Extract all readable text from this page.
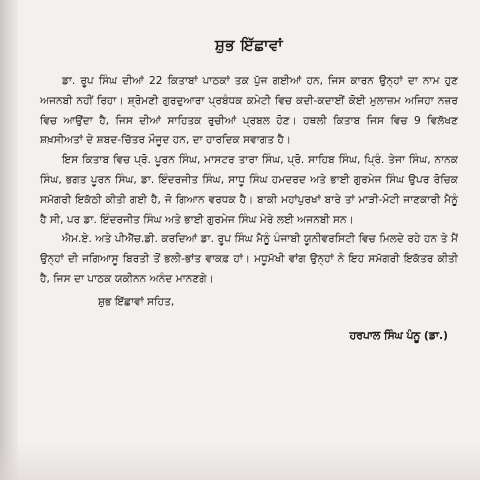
ਸ਼ੁਭ ਇੱਛਾਵਾਂ

ਡਾ. ਰੂਪ ਸਿੰਘ ਦੀਆਂ 22 ਕਿਤਾਬਾਂ ਪਾਠਕਾਂ ਤਕ ਪੁੱਜ ਗਈਆਂ ਹਨ, ਜਿਸ ਕਾਰਨ ਉਨ੍ਹਾਂ ਦਾ ਨਾਮ ਹੁਣ ਅਜਨਬੀ ਨਹੀਂ ਰਿਹਾ। ਸ਼੍ਰੋਮਣੀ ਗੁਰਦੁਆਰਾ ਪ੍ਰਬੰਧਕ ਕਮੇਟੀ ਵਿਚ ਕਦੀ-ਕਦਾਈਂ ਕੋਈ ਮੁਲਾਜ਼ਮ ਅਜਿਹਾ ਨਜ਼ਰ ਵਿਚ ਆਉਂਦਾ ਹੈ, ਜਿਸ ਦੀਆਂ ਸਾਹਿਤਕ ਰੁਚੀਆਂ ਪ੍ਰਬਲ ਹੋਣ। ਹਥਲੀ ਕਿਤਾਬ ਜਿਸ ਵਿਚ 9 ਵਿਲੱਖਣ ਸ਼ਖ਼ਸੀਅਤਾਂ ਦੇ ਸ਼ਬਦ-ਚਿੱਤਰ ਮੌਜੂਦ ਹਨ, ਦਾ ਹਾਰਦਿਕ ਸਵਾਗਤ ਹੈ।

ਇਸ ਕਿਤਾਬ ਵਿਚ ਪ੍ਰੋ. ਪੂਰਨ ਸਿੰਘ, ਮਾਸਟਰ ਤਾਰਾ ਸਿੰਘ, ਪ੍ਰੋ. ਸਾਹਿਬ ਸਿੰਘ, ਪ੍ਰਿੰ. ਤੇਜਾ ਸਿੰਘ, ਨਾਨਕ ਸਿੰਘ, ਭਗਤ ਪੂਰਨ ਸਿੰਘ, ਡਾ. ਇੰਦਰਜੀਤ ਸਿੰਘ, ਸਾਧੂ ਸਿੰਘ ਹਮਦਰਦ ਅਤੇ ਭਾਈ ਗੁਰਮੇਜ ਸਿੰਘ ਉਪਰ ਰੋਚਿਕ ਸਮੱਗਰੀ ਇਕੱਠੀ ਕੀਤੀ ਗਈ ਹੈ, ਜੋ ਗਿਆਨ ਵਰਧਕ ਹੈ। ਬਾਕੀ ਮਹਾਂਪੁਰਖਾਂ ਬਾਰੇ ਤਾਂ ਮਾੜੀ-ਮੋਟੀ ਜਾਣਕਾਰੀ ਮੈਨੂੰ ਹੈ ਸੀ, ਪਰ ਡਾ. ਇੰਦਰਜੀਤ ਸਿੰਘ ਅਤੇ ਭਾਈ ਗੁਰਮੇਜ ਸਿੰਘ ਮੇਰੇ ਲਈ ਅਜਨਬੀ ਸਨ।

ਐਮ.ਏ. ਅਤੇ ਪੀਐੱਚ.ਡੀ. ਕਰਦਿਆਂ ਡਾ. ਰੂਪ ਸਿੰਘ ਮੈਨੂੰ ਪੰਜਾਬੀ ਯੂਨੀਵਰਸਿਟੀ ਵਿਚ ਮਿਲਦੇ ਰਹੇ ਹਨ ਤੇ ਮੈਂ ਉਨ੍ਹਾਂ ਦੀ ਜਗਿਆਸੂ ਬਿਰਤੀ ਤੋਂ ਭਲੀ-ਭਾਂਤ ਵਾਕਫ਼ ਹਾਂ। ਮਧੂਮੱਖੀ ਵਾਂਗ ਉਨ੍ਹਾਂ ਨੇ ਇਹ ਸਮੱਗਰੀ ਇਕੱਤਰ ਕੀਤੀ ਹੈ, ਜਿਸ ਦਾ ਪਾਠਕ ਯਕੀਨਨ ਅਨੰਦ ਮਾਨਣਗੇ।

ਸ਼ੁਭ ਇੱਛਾਵਾਂ ਸਹਿਤ,
ਹਰਪਾਲ ਸਿੰਘ ਪੰਨੂ (ਡਾ.)
